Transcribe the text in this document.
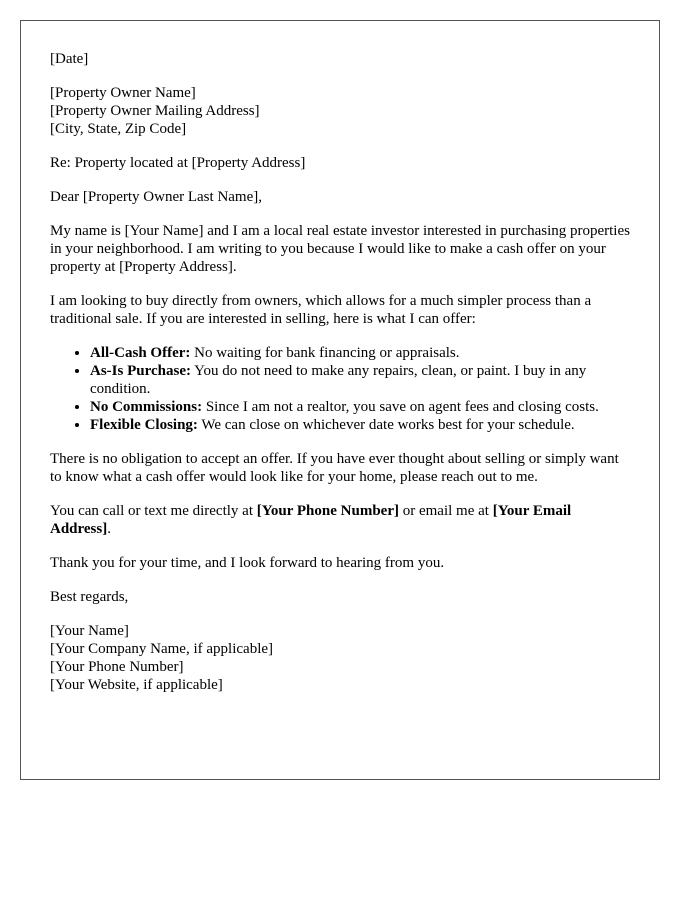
[Date]

[Property Owner Name]
[Property Owner Mailing Address]
[City, State, Zip Code]

Re: Property located at [Property Address]

Dear [Property Owner Last Name],

My name is [Your Name] and I am a local real estate investor interested in purchasing properties in your neighborhood. I am writing to you because I would like to make a cash offer on your property at [Property Address].

I am looking to buy directly from owners, which allows for a much simpler process than a traditional sale. If you are interested in selling, here is what I can offer:

• All-Cash Offer: No waiting for bank financing or appraisals.
• As-Is Purchase: You do not need to make any repairs, clean, or paint. I buy in any condition.
• No Commissions: Since I am not a realtor, you save on agent fees and closing costs.
• Flexible Closing: We can close on whichever date works best for your schedule.

There is no obligation to accept an offer. If you have ever thought about selling or simply want to know what a cash offer would look like for your home, please reach out to me.

You can call or text me directly at [Your Phone Number] or email me at [Your Email Address].

Thank you for your time, and I look forward to hearing from you.

Best regards,

[Your Name]
[Your Company Name, if applicable]
[Your Phone Number]
[Your Website, if applicable]
